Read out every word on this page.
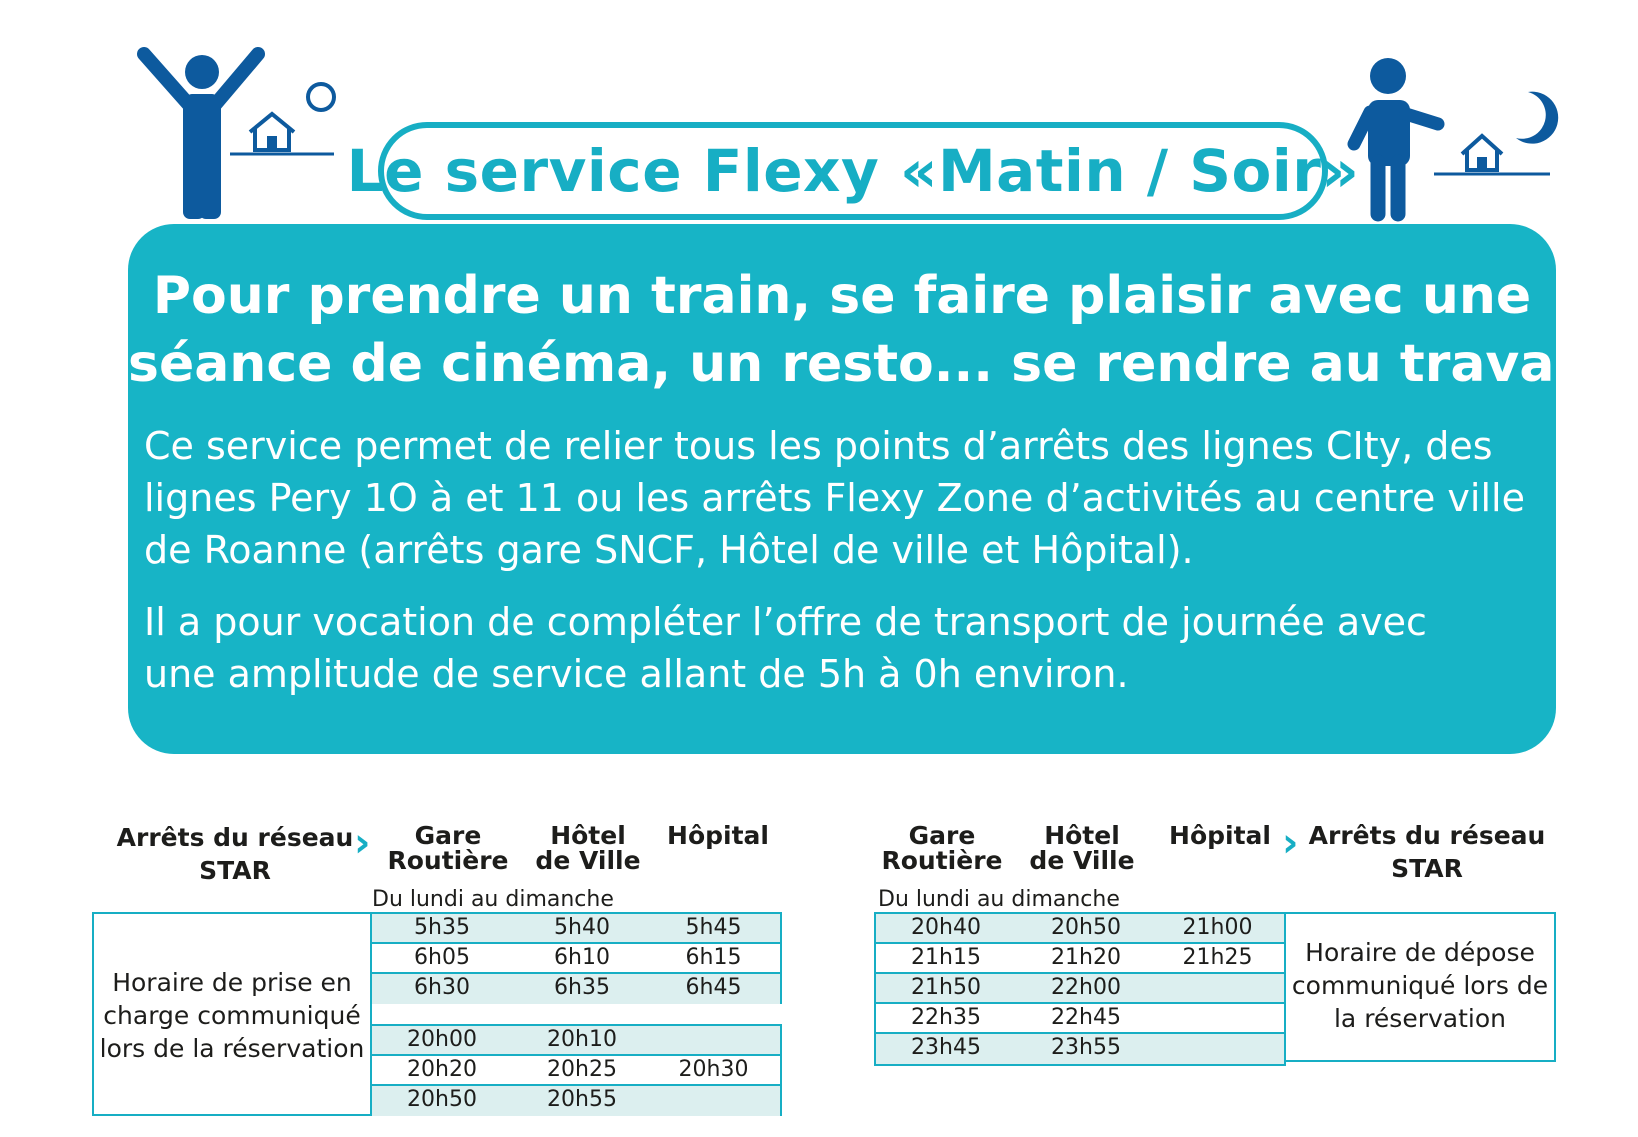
Le service Flexy «Matin / Soir»
Pour prendre un train, se faire plaisir avec une
séance de cinéma, un resto... se rendre au travail
Ce service permet de relier tous les points d’arrêts des lignes CIty, des
lignes Pery 1O à et 11 ou les arrêts Flexy Zone d’activités au centre ville
de Roanne (arrêts gare SNCF, Hôtel de ville et Hôpital).
Il a pour vocation de compléter l’offre de transport de journée avec
une amplitude de service allant de 5h à 0h environ.
Arrêts du réseau
STAR
›	Gare
Routière
Hôtel
de Ville
Hôpital
Du lundi au dimanche
Horaire de prise en
charge communiqué
lors de la réservation
5h35	5h40	5h45
6h05	6h10	6h15
6h30	6h35	6h45
20h00	20h10
20h20	20h25	20h30
20h50	20h55
Gare
Routière
Hôtel
de Ville
Hôpital › Arrêts du réseau
STAR
Du lundi au dimanche
20h40	20h50	21h00
21h15	21h20	21h25
21h50	22h00
22h35	22h45
23h45	23h55
Horaire de dépose
communiqué lors de
la réservation
